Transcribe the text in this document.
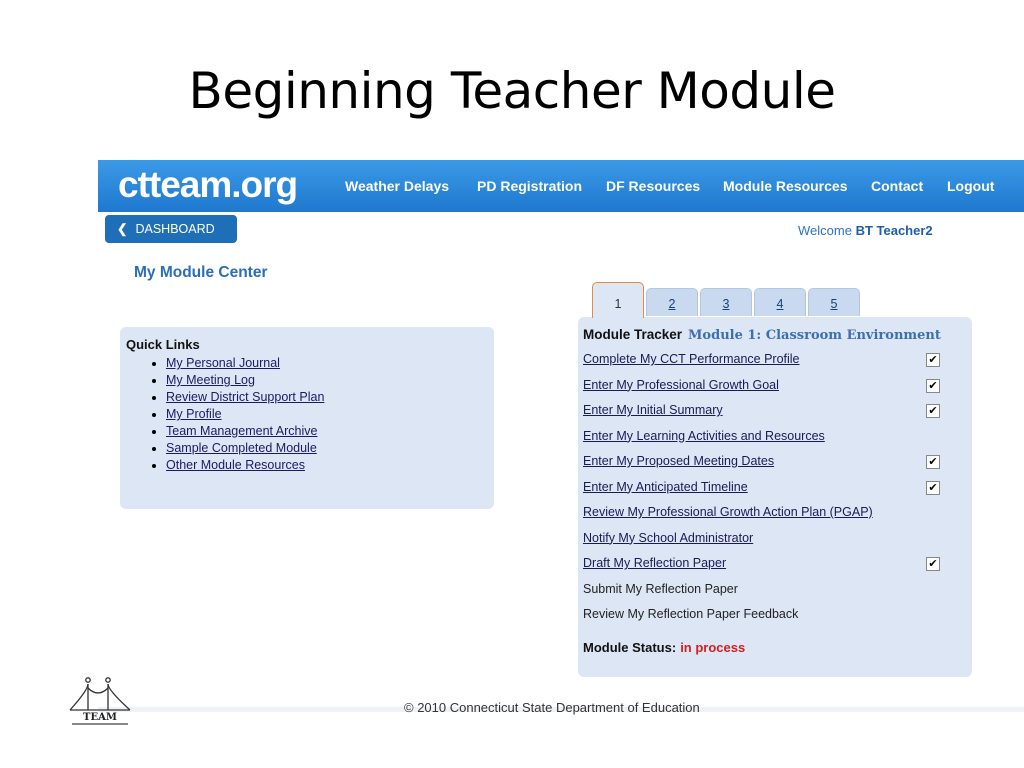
Beginning Teacher Module
ctteam.org	Weather Delays PD Registration DF Resources Module Resources Contact Logout
❮ DASHBOARD	Welcome BT Teacher2
My Module Center
Quick Links
• My Personal Journal
• My Meeting Log
• Review District Support Plan
• My Profile
• Team Management Archive
• Sample Completed Module
• Other Module Resources
Module Tracker Module 1: Classroom Environment
Complete My CCT Performance Profile	✔
Enter My Professional Growth Goal	✔
Enter My Initial Summary	✔
Enter My Learning Activities and Resources
Enter My Proposed Meeting Dates	✔
Enter My Anticipated Timeline	✔
Review My Professional Growth Action Plan (PGAP)
Notify My School Administrator
Draft My Reflection Paper	✔
Submit My Reflection Paper
Review My Reflection Paper Feedback
Module Status: in process
1	2	3	4	5
© 2010 Connecticut State Department of Education
TEAM
